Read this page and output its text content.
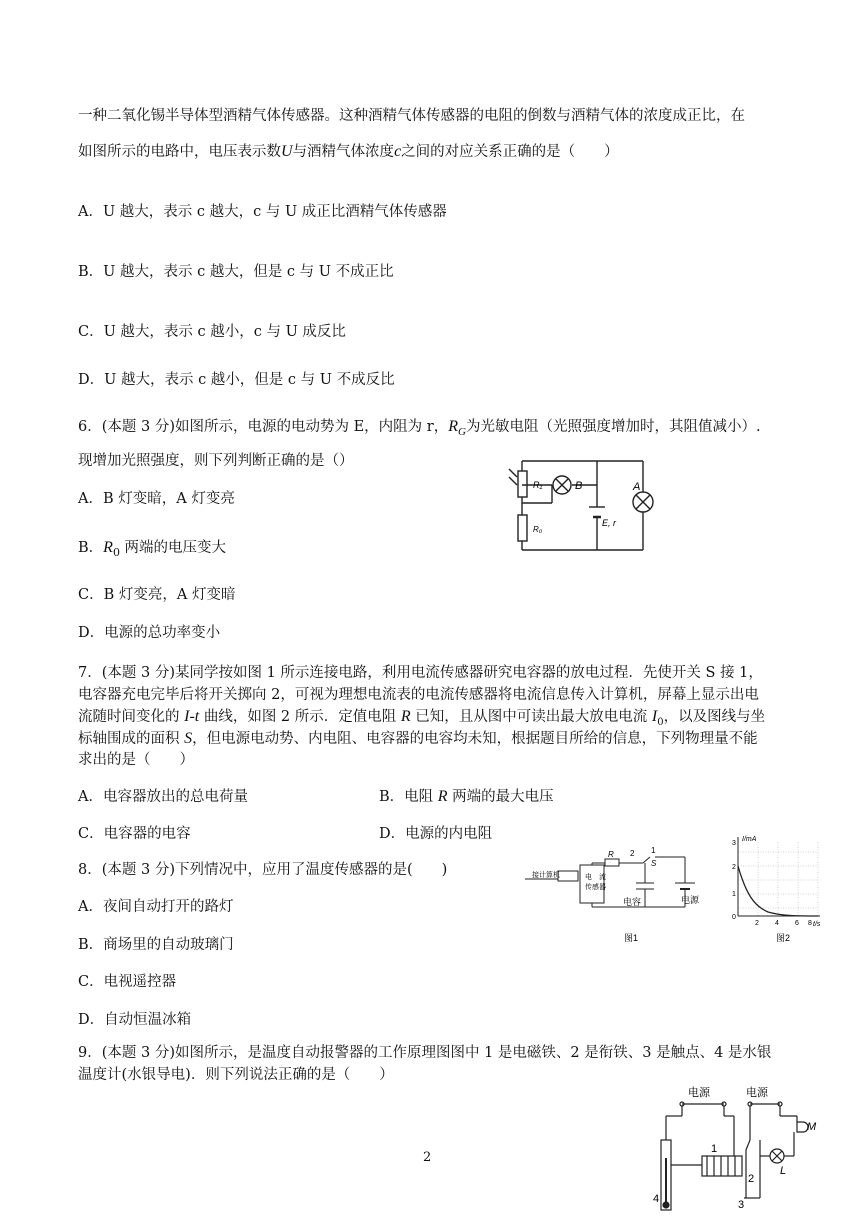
一种二氧化锡半导体型酒精气体传感器。这种酒精气体传感器的电阻的倒数与酒精气体的浓度成正比，在
如图所示的电路中，电压表示数U与酒精气体浓度c之间的对应关系正确的是（　　）
A．U 越大，表示 c 越大，c 与 U 成正比酒精气体传感器
B．U 越大，表示 c 越大，但是 c 与 U 不成正比
C．U 越大，表示 c 越小，c 与 U 成反比
D．U 越大，表示 c 越小，但是 c 与 U 不成反比
6．(本题 3 分)如图所示，电源的电动势为 E，内阻为 r，$R_G$为光敏电阻（光照强度增加时，其阻值减小）.
现增加光照强度，则下列判断正确的是（）
A．B 灯变暗，A 灯变亮
B．$R_0$ 两端的电压变大
C．B 灯变亮，A 灯变暗
D．电源的总功率变小
R₁	B	A
E, r
R₀
7．(本题 3 分)某同学按如图 1 所示连接电路，利用电流传感器研究电容器的放电过程．先使开关 S 接 1，
电容器充电完毕后将开关掷向 2，可视为理想电流表的电流传感器将电流信息传入计算机，屏幕上显示出电
流随时间变化的 I-t 曲线，如图 2 所示．定值电阻 R 已知，且从图中可读出最大放电电流 $I_0$，以及图线与坐
标轴围成的面积 S，但电源电动势、内电阻、电容器的电容均未知，根据题目所给的信息，下列物理量不能
求出的是（　　）
A．电容器放出的总电荷量	B．电阻 R 两端的最大电压
C．电容器的电容	D．电源的内电阻
8．(本题 3 分)下列情况中，应用了温度传感器的是(　　)
A．夜间自动打开的路灯
B．商场里的自动玻璃门
C．电视遥控器
D．自动恒温冰箱
接计算机	电　流
传感器
R 2 1
S
电容	电源
图1
I/mA
t/s
0
1
2
3
2 4 6 8
图2
9．(本题 3 分)如图所示，是温度自动报警器的工作原理图图中 1 是电磁铁、2 是衔铁、3 是触点、4 是水银
温度计(水银导电)．则下列说法正确的是（　　）
电源	电源
1
2
3
4
M
L
2
